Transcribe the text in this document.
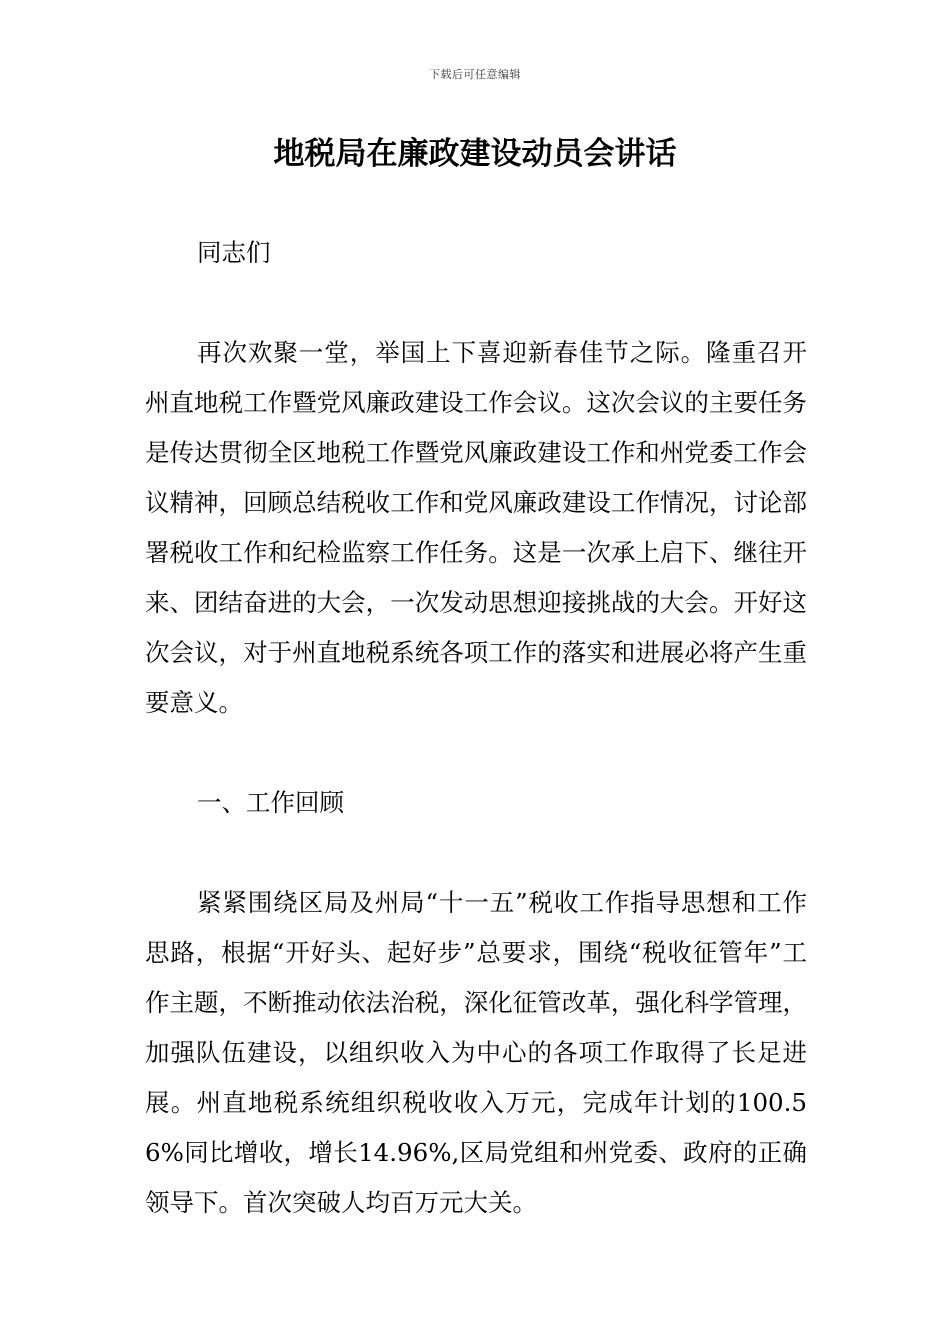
下载后可任意编辑
地税局在廉政建设动员会讲话

同志们

再次欢聚一堂，举国上下喜迎新春佳节之际。隆重召开州直地税工作暨党风廉政建设工作会议。这次会议的主要任务是传达贯彻全区地税工作暨党风廉政建设工作和州党委工作会议精神，回顾总结税收工作和党风廉政建设工作情况，讨论部署税收工作和纪检监察工作任务。这是一次承上启下、继往开来、团结奋进的大会，一次发动思想迎接挑战的大会。开好这次会议，对于州直地税系统各项工作的落实和进展必将产生重要意义。

一、工作回顾

紧紧围绕区局及州局“十一五”税收工作指导思想和工作思路，根据“开好头、起好步”总要求，围绕“税收征管年”工作主题，不断推动依法治税，深化征管改革，强化科学管理，加强队伍建设，以组织收入为中心的各项工作取得了长足进展。州直地税系统组织税收收入万元，完成年计划的100.56%同比增收，增长14.96%,区局党组和州党委、政府的正确领导下。首次突破人均百万元大关。
